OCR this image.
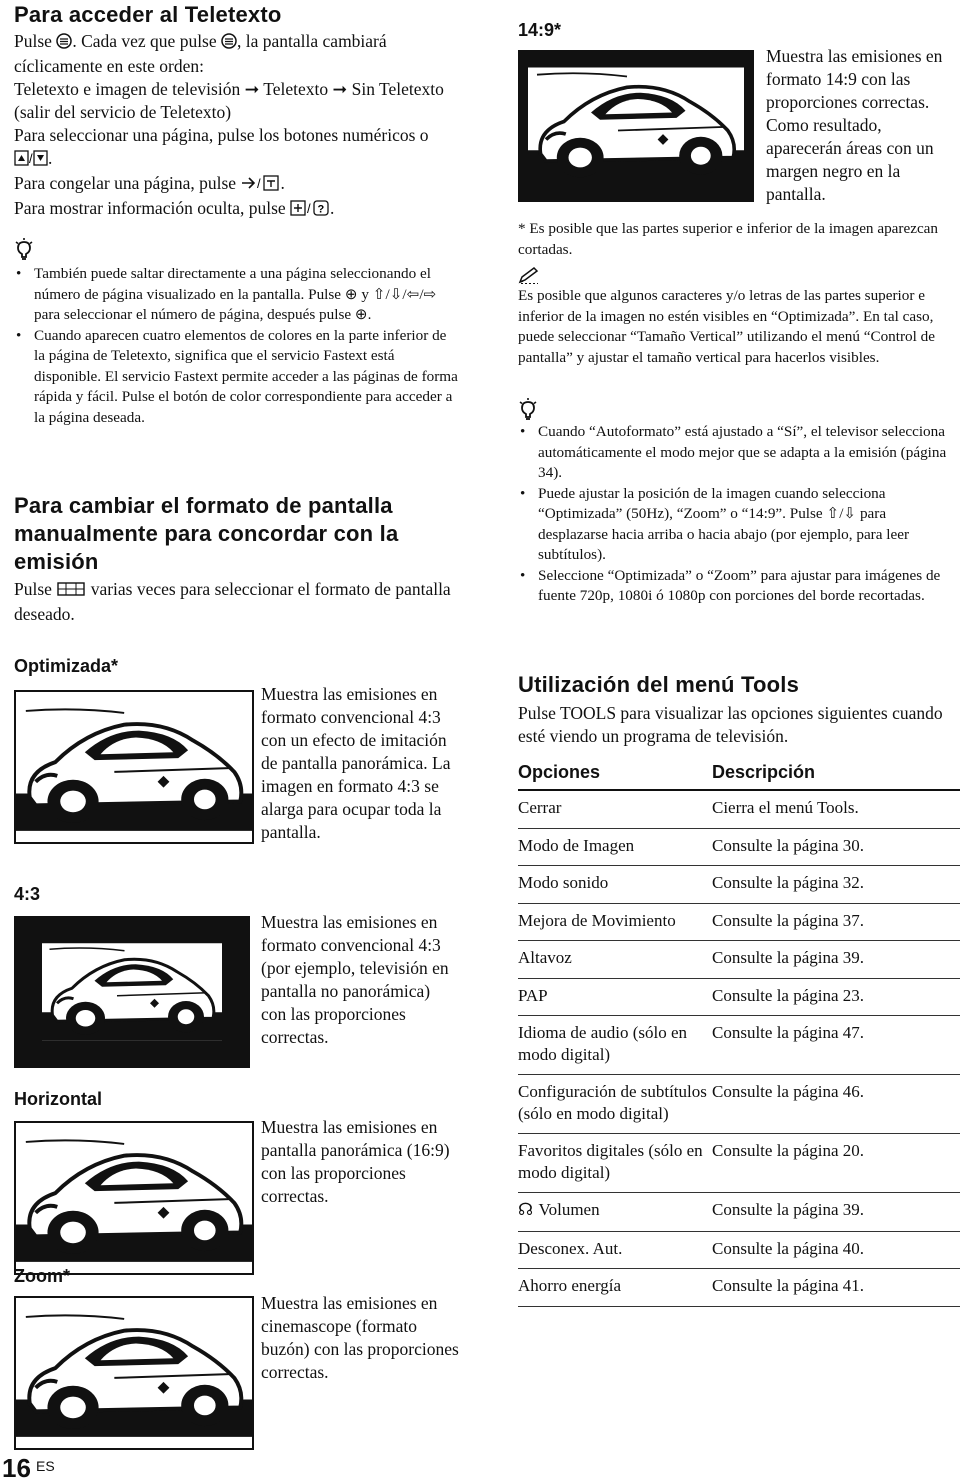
Para acceder al Teletexto
Pulse . Cada vez que pulse , la pantalla cambiará cíclicamente en este orden:
Teletexto e imagen de televisión ➞ Teletexto ➞ Sin Teletexto (salir del servicio de Teletexto)
Para seleccionar una página, pulse los botones numéricos o
/ .
Para congelar una página, pulse / .
Para mostrar información oculta, pulse / ? .
• También puede saltar directamente a una página seleccionando el número de página visualizado en la pantalla. Pulse ⊕ y ⇧/⇩/⇦/⇨ para seleccionar el número de página, después pulse ⊕.
• Cuando aparecen cuatro elementos de colores en la parte inferior de la página de Teletexto, significa que el servicio Fastext está disponible. El servicio Fastext permite acceder a las páginas de forma rápida y fácil. Pulse el botón de color correspondiente para acceder a la página deseada.
Para cambiar el formato de pantalla manualmente para concordar con la emisión
Pulse  varias veces para seleccionar el formato de pantalla deseado.
Optimizada*
Muestra las emisiones en formato convencional 4:3 con un efecto de imitación de pantalla panorámica. La imagen en formato 4:3 se alarga para ocupar toda la pantalla.
4:3
Muestra las emisiones en formato convencional 4:3 (por ejemplo, televisión en pantalla no panorámica) con las proporciones correctas.
Horizontal
Muestra las emisiones en pantalla panorámica (16:9) con las proporciones correctas.
Zoom*
Muestra las emisiones en cinemascope (formato buzón) con las proporciones correctas.
14:9*
Muestra las emisiones en formato 14:9 con las proporciones correctas. Como resultado, aparecerán áreas con un margen negro en la pantalla.
* Es posible que las partes superior e inferior de la imagen aparezcan cortadas.
Es posible que algunos caracteres y/o letras de las partes superior e inferior de la imagen no estén visibles en “Optimizada”. En tal caso, puede seleccionar “Tamaño Vertical” utilizando el menú “Control de pantalla” y ajustar el tamaño vertical para hacerlos visibles.
• Cuando “Autoformato” está ajustado a “Sí”, el televisor selecciona automáticamente el modo mejor que se adapta a la emisión (página 34).
• Puede ajustar la posición de la imagen cuando selecciona “Optimizada” (50Hz), “Zoom” o “14:9”. Pulse ⇧/⇩ para desplazarse hacia arriba o hacia abajo (por ejemplo, para leer subtítulos).
• Seleccione “Optimizada” o “Zoom” para ajustar para imágenes de fuente 720p, 1080i ó 1080p con porciones del borde recortadas.
Utilización del menú Tools
Pulse TOOLS para visualizar las opciones siguientes cuando esté viendo un programa de televisión.
Opciones	Descripción
Cerrar	Cierra el menú Tools.
Modo de Imagen	Consulte la página 30.
Modo sonido	Consulte la página 32.
Mejora de Movimiento	Consulte la página 37.
Altavoz	Consulte la página 39.
PAP	Consulte la página 23.
Idioma de audio (sólo en modo digital)	Consulte la página 47.
Configuración de subtítulos (sólo en modo digital)	Consulte la página 46.
Favoritos digitales (sólo en modo digital)	Consulte la página 20.
☊ Volumen	Consulte la página 39.
Desconex. Aut.	Consulte la página 40.
Ahorro energía	Consulte la página 41.
16 ES
